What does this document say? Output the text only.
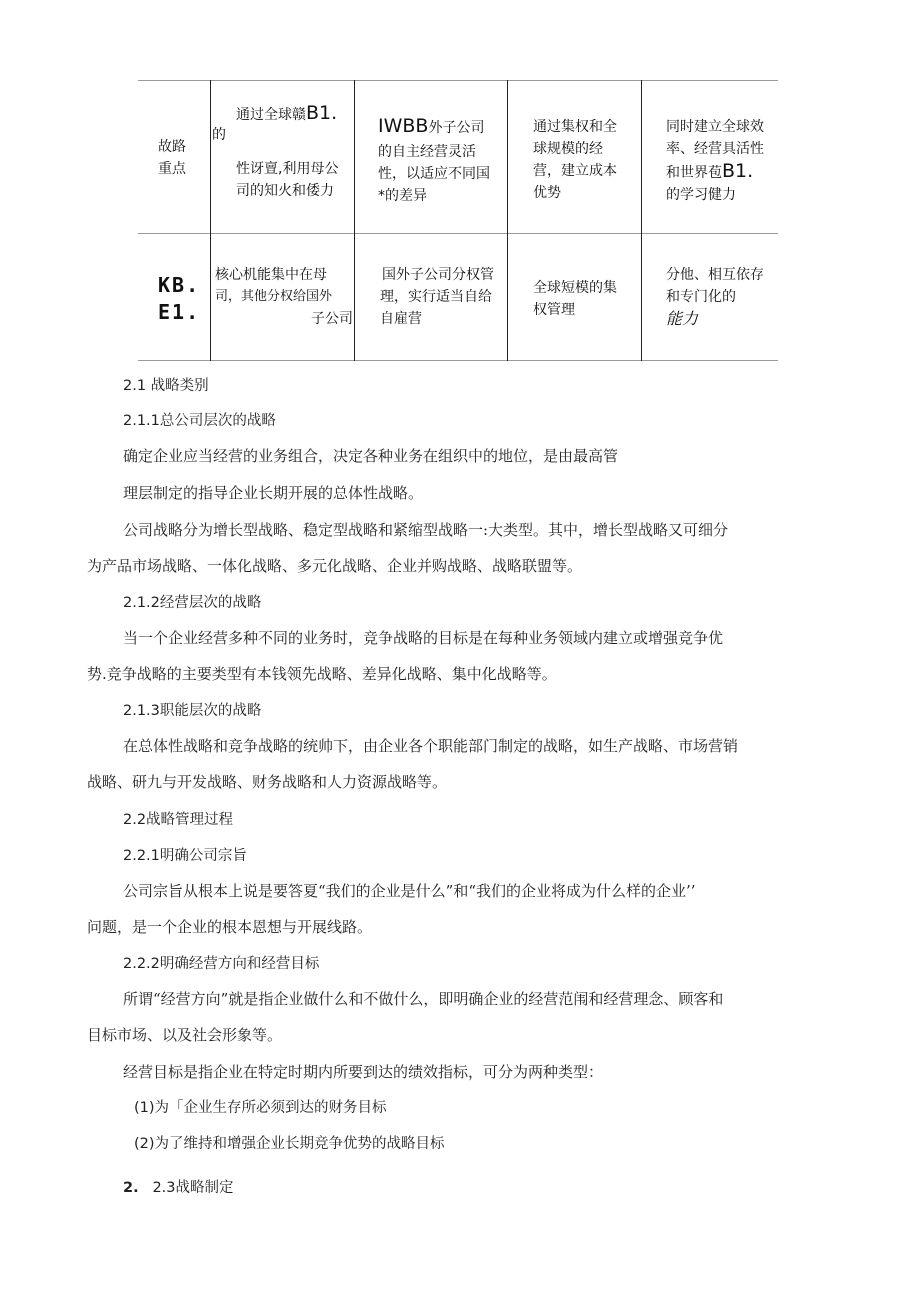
故路
重点
通过全球赣B1.
的
性讶亶,利用母公
司的知火和倭力
IWBB外子公司
的自主经营灵活
性，以适应不同国
*的差异
通过集权和全
球规模的经
营，建立成本
优势
同时建立全球效
率、经营具活性
和世界苞B1.
的学习健力
KB.
E1.
核心机能集中在母
司，其他分权给国外
子公司
国外子公司分权管
理，实行适当自给
自雇营
全球短模的集
权管理
分他、相互依存
和专门化的
能力
2.1 战略类别
2.1.1总公司层次的战略
确定企业应当经营的业务组合，决定各种业务在组织中的地位，是由最高管
理层制定的指导企业长期开展的总体性战略。
公司战略分为增长型战略、稳定型战略和紧缩型战略一:大类型。其中，增长型战略又可细分
为产品市场战略、一体化战略、多元化战略、企业并购战略、战略联盟等。
2.1.2经营层次的战略
当一个企业经营多种不同的业务时，竞争战略的目标是在每种业务领域内建立或增强竞争优
势.竞争战略的主要类型有本钱领先战略、差异化战略、集中化战略等。
2.1.3职能层次的战略
在总体性战略和竞争战略的统帅下，由企业各个职能部门制定的战略，如生产战略、市场营销
战略、研九与开发战略、财务战略和人力资源战略等。
2.2战略管理过程
2.2.1明确公司宗旨
公司宗旨从根本上说是要答夏“我们的企业是什么”和“我们的企业将成为什么样的企业’’
问题，是一个企业的根本恩想与开展线路。
2.2.2明确经营方向和经营目标
所谓“经营方向”就是指企业做什么和不做什么，即明确企业的经营范闱和经营理念、顾客和
目标市场、以及社会形象等。
经营目标是指企业在特定时期内所要到达的绩效指标，可分为两种类型：
(1)为「企业生存所必须到达的财务目标
(2)为了维持和增强企业长期竞争优势的战略目标
2. 2.3战略制定
